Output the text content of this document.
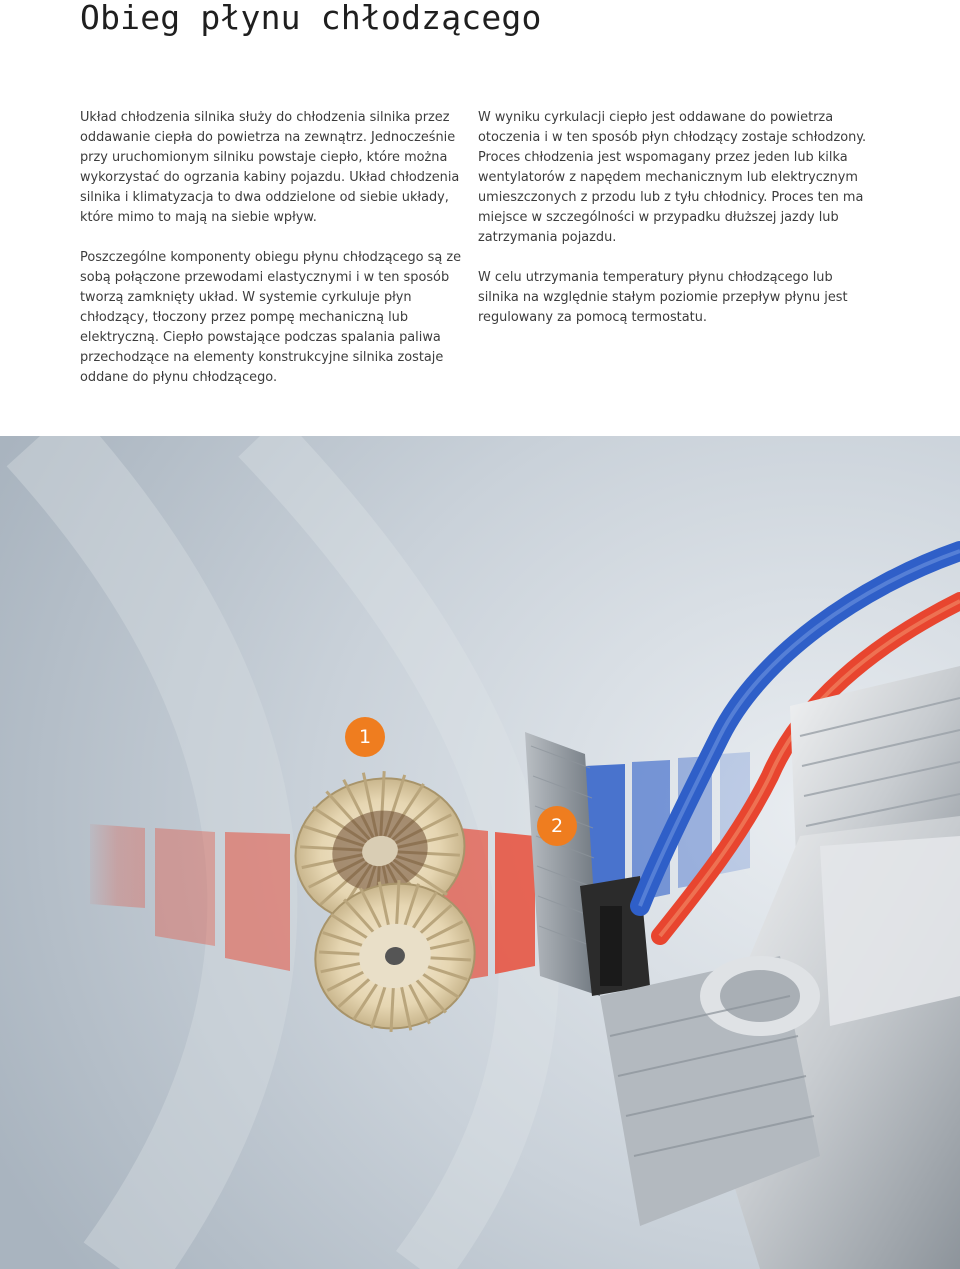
Obieg płynu chłodzącego

Układ chłodzenia silnika służy do chłodzenia silnika przez oddawanie ciepła do powietrza na zewnątrz. Jednocześnie przy uruchomionym silniku powstaje ciepło, które można wykorzystać do ogrzania kabiny pojazdu. Układ chłodzenia silnika i klimatyzacja to dwa oddzielone od siebie układy, które mimo to mają na siebie wpływ.

Poszczególne komponenty obiegu płynu chłodzącego są ze sobą połączone przewodami elastycznymi i w ten sposób tworzą zamknięty układ. W systemie cyrkuluje płyn chłodzący, tłoczony przez pompę mechaniczną lub elektryczną. Ciepło powstające podczas spalania paliwa przechodzące na elementy konstrukcyjne silnika zostaje oddane do płynu chłodzącego.

W wyniku cyrkulacji ciepło jest oddawane do powietrza otoczenia i w ten sposób płyn chłodzący zostaje schłodzony. Proces chłodzenia jest wspomagany przez jeden lub kilka wentylatorów z napędem mechanicznym lub elektrycznym umieszczonych z przodu lub z tyłu chłodnicy. Proces ten ma miejsce w szczególności w przypadku dłuższej jazdy lub zatrzymania pojazdu.

W celu utrzymania temperatury płynu chłodzącego lub silnika na względnie stałym poziomie przepływ płynu jest regulowany za pomocą termostatu.

1
2
